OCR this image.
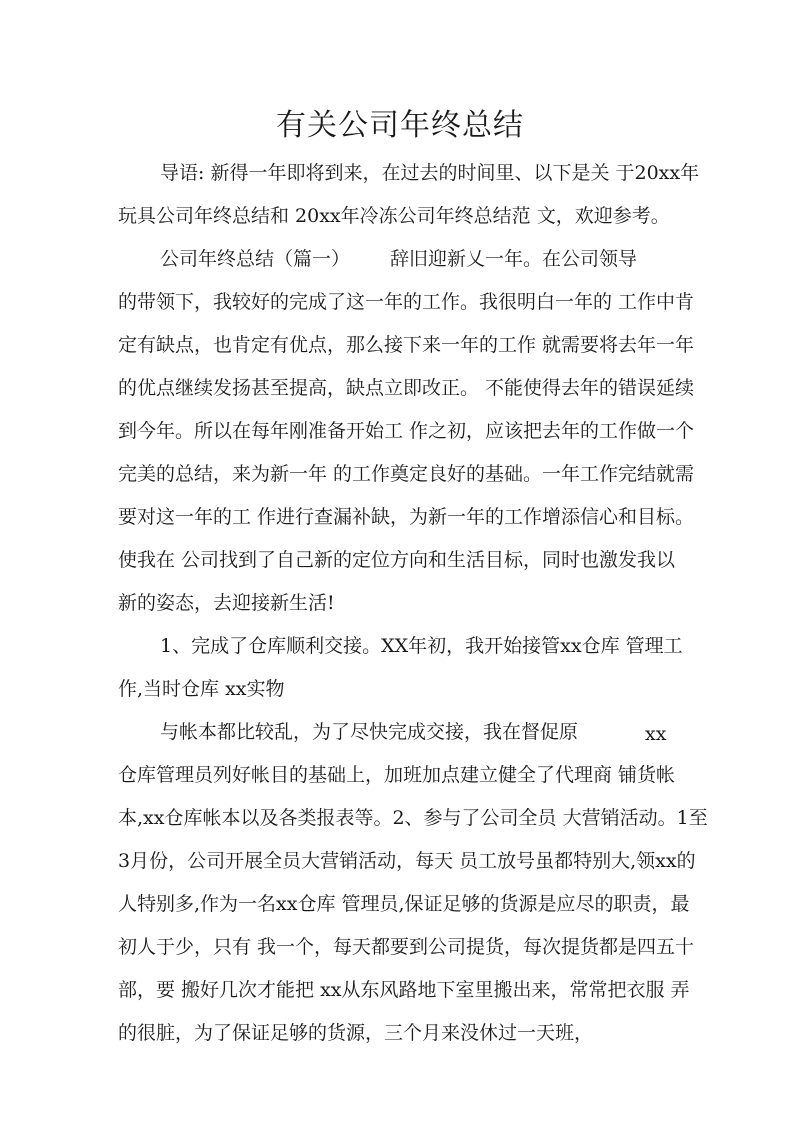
有关公司年终总结
导语: 新得一年即将到来，在过去的时间里、以下是关 于20xx年
玩具公司年终总结和 20xx年冷冻公司年终总结范 文，欢迎参考。
公司年终总结（篇一） 辞旧迎新乂一年。在公司领导
的带领下，我较好的完成了这一年的工作。我很明白一年的 工作中肯
定有缺点，也肯定有优点，那么接下来一年的工作 就需要将去年一年
的优点继续发扬甚至提高，缺点立即改正。 不能使得去年的错误延续
到今年。所以在每年刚准备开始工 作之初，应该把去年的工作做一个
完美的总结，来为新一年 的工作奠定良好的基础。一年工作完结就需
要对这一年的工 作进行查漏补缺，为新一年的工作增添信心和目标。
使我在 公司找到了自己新的定位方向和生活目标，同时也激发我以
新的姿态，去迎接新生活!
1、完成了仓库顺利交接。XX年初，我开始接管xx仓库 管理工
作,当时仓库 xx实物
与帐本都比较乱，为了尽快完成交接，我在督促原	xx
仓库管理员列好帐目的基础上，加班加点建立健全了代理商 铺货帐
本,xx仓库帐本以及各类报表等。2、参与了公司全员 大营销活动。1至
3月份，公司开展全员大营销活动，每天 员工放号虽都特别大,领xx的
人特别多,作为一名xx仓库 管理员,保证足够的货源是应尽的职责，最
初人于少，只有 我一个，每天都要到公司提货，每次提货都是四五十
部，要 搬好几次才能把 xx从东风路地下室里搬出来，常常把衣服 弄
的很脏，为了保证足够的货源，三个月来没休过一天班，
